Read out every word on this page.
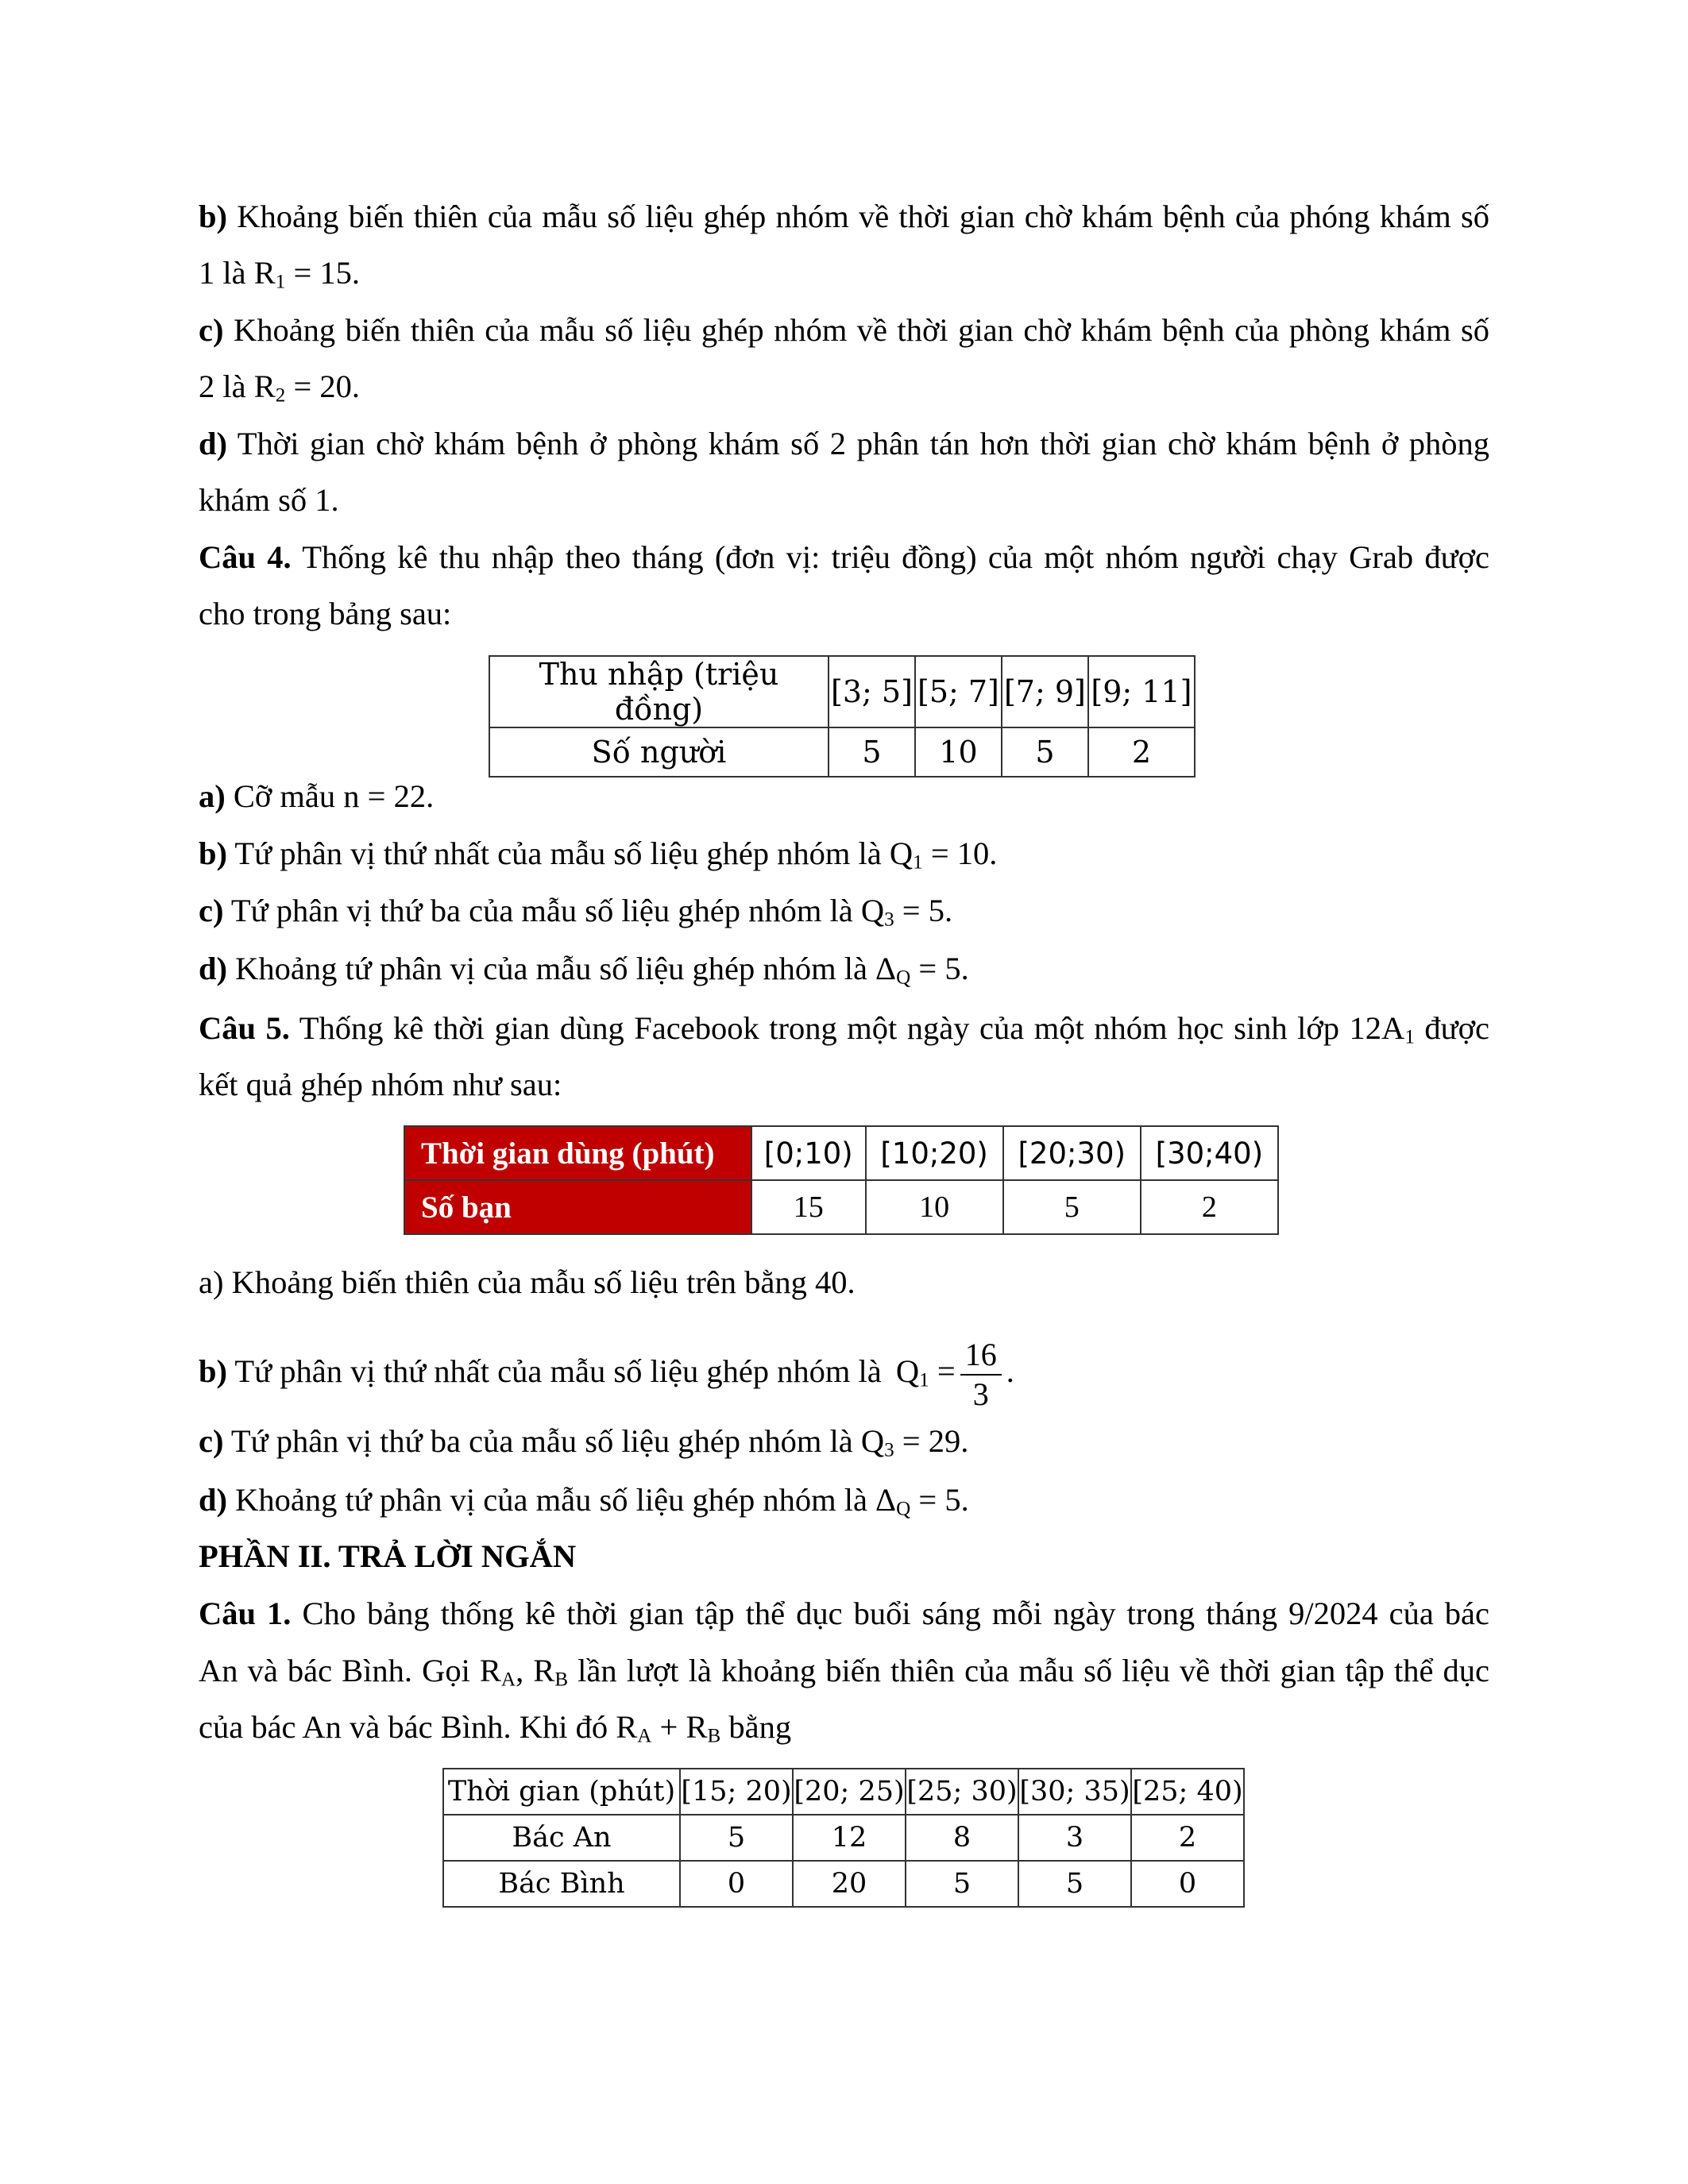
b) Khoảng biến thiên của mẫu số liệu ghép nhóm về thời gian chờ khám bệnh của phóng khám số
1 là $R_1 = 15$.
c) Khoảng biến thiên của mẫu số liệu ghép nhóm về thời gian chờ khám bệnh của phòng khám số
2 là $R_2 = 20$.
d) Thời gian chờ khám bệnh ở phòng khám số 2 phân tán hơn thời gian chờ khám bệnh ở phòng
khám số 1.
Câu 4. Thống kê thu nhập theo tháng (đơn vị: triệu đồng) của một nhóm người chạy Grab được
cho trong bảng sau:
Thu nhập (triệu đồng)	[3; 5]	[5; 7]	[7; 9]	[9; 11]
Số người	5	10	5	2
a) Cỡ mẫu n = 22.
b) Tứ phân vị thứ nhất của mẫu số liệu ghép nhóm là $Q_1 = 10$.
c) Tứ phân vị thứ ba của mẫu số liệu ghép nhóm là $Q_3 = 5$.
d) Khoảng tứ phân vị của mẫu số liệu ghép nhóm là $\Delta_Q = 5$.
Câu 5. Thống kê thời gian dùng Facebook trong một ngày của một nhóm học sinh lớp $12A_1$ được
kết quả ghép nhóm như sau:
Thời gian dùng (phút)	[0;10)	[10;20)	[20;30)	[30;40)
Số bạn	15	10	5	2
a) Khoảng biến thiên của mẫu số liệu trên bằng 40.
b) Tứ phân vị thứ nhất của mẫu số liệu ghép nhóm là $Q_1 = \frac{16}{3}$ .
c) Tứ phân vị thứ ba của mẫu số liệu ghép nhóm là $Q_3 = 29$.
d) Khoảng tứ phân vị của mẫu số liệu ghép nhóm là $\Delta_Q = 5$.
PHẦN II. TRẢ LỜI NGẮN
Câu 1. Cho bảng thống kê thời gian tập thể dục buổi sáng mỗi ngày trong tháng 9/2024 của bác
An và bác Bình. Gọi $R_A$, $R_B$ lần lượt là khoảng biến thiên của mẫu số liệu về thời gian tập thể dục
của bác An và bác Bình. Khi đó $R_A + R_B$ bằng
Thời gian (phút)	[15; 20)	[20; 25)	[25; 30)	[30; 35)	[25; 40)
Bác An	5	12	8	3	2
Bác Bình	0	20	5	5	0
